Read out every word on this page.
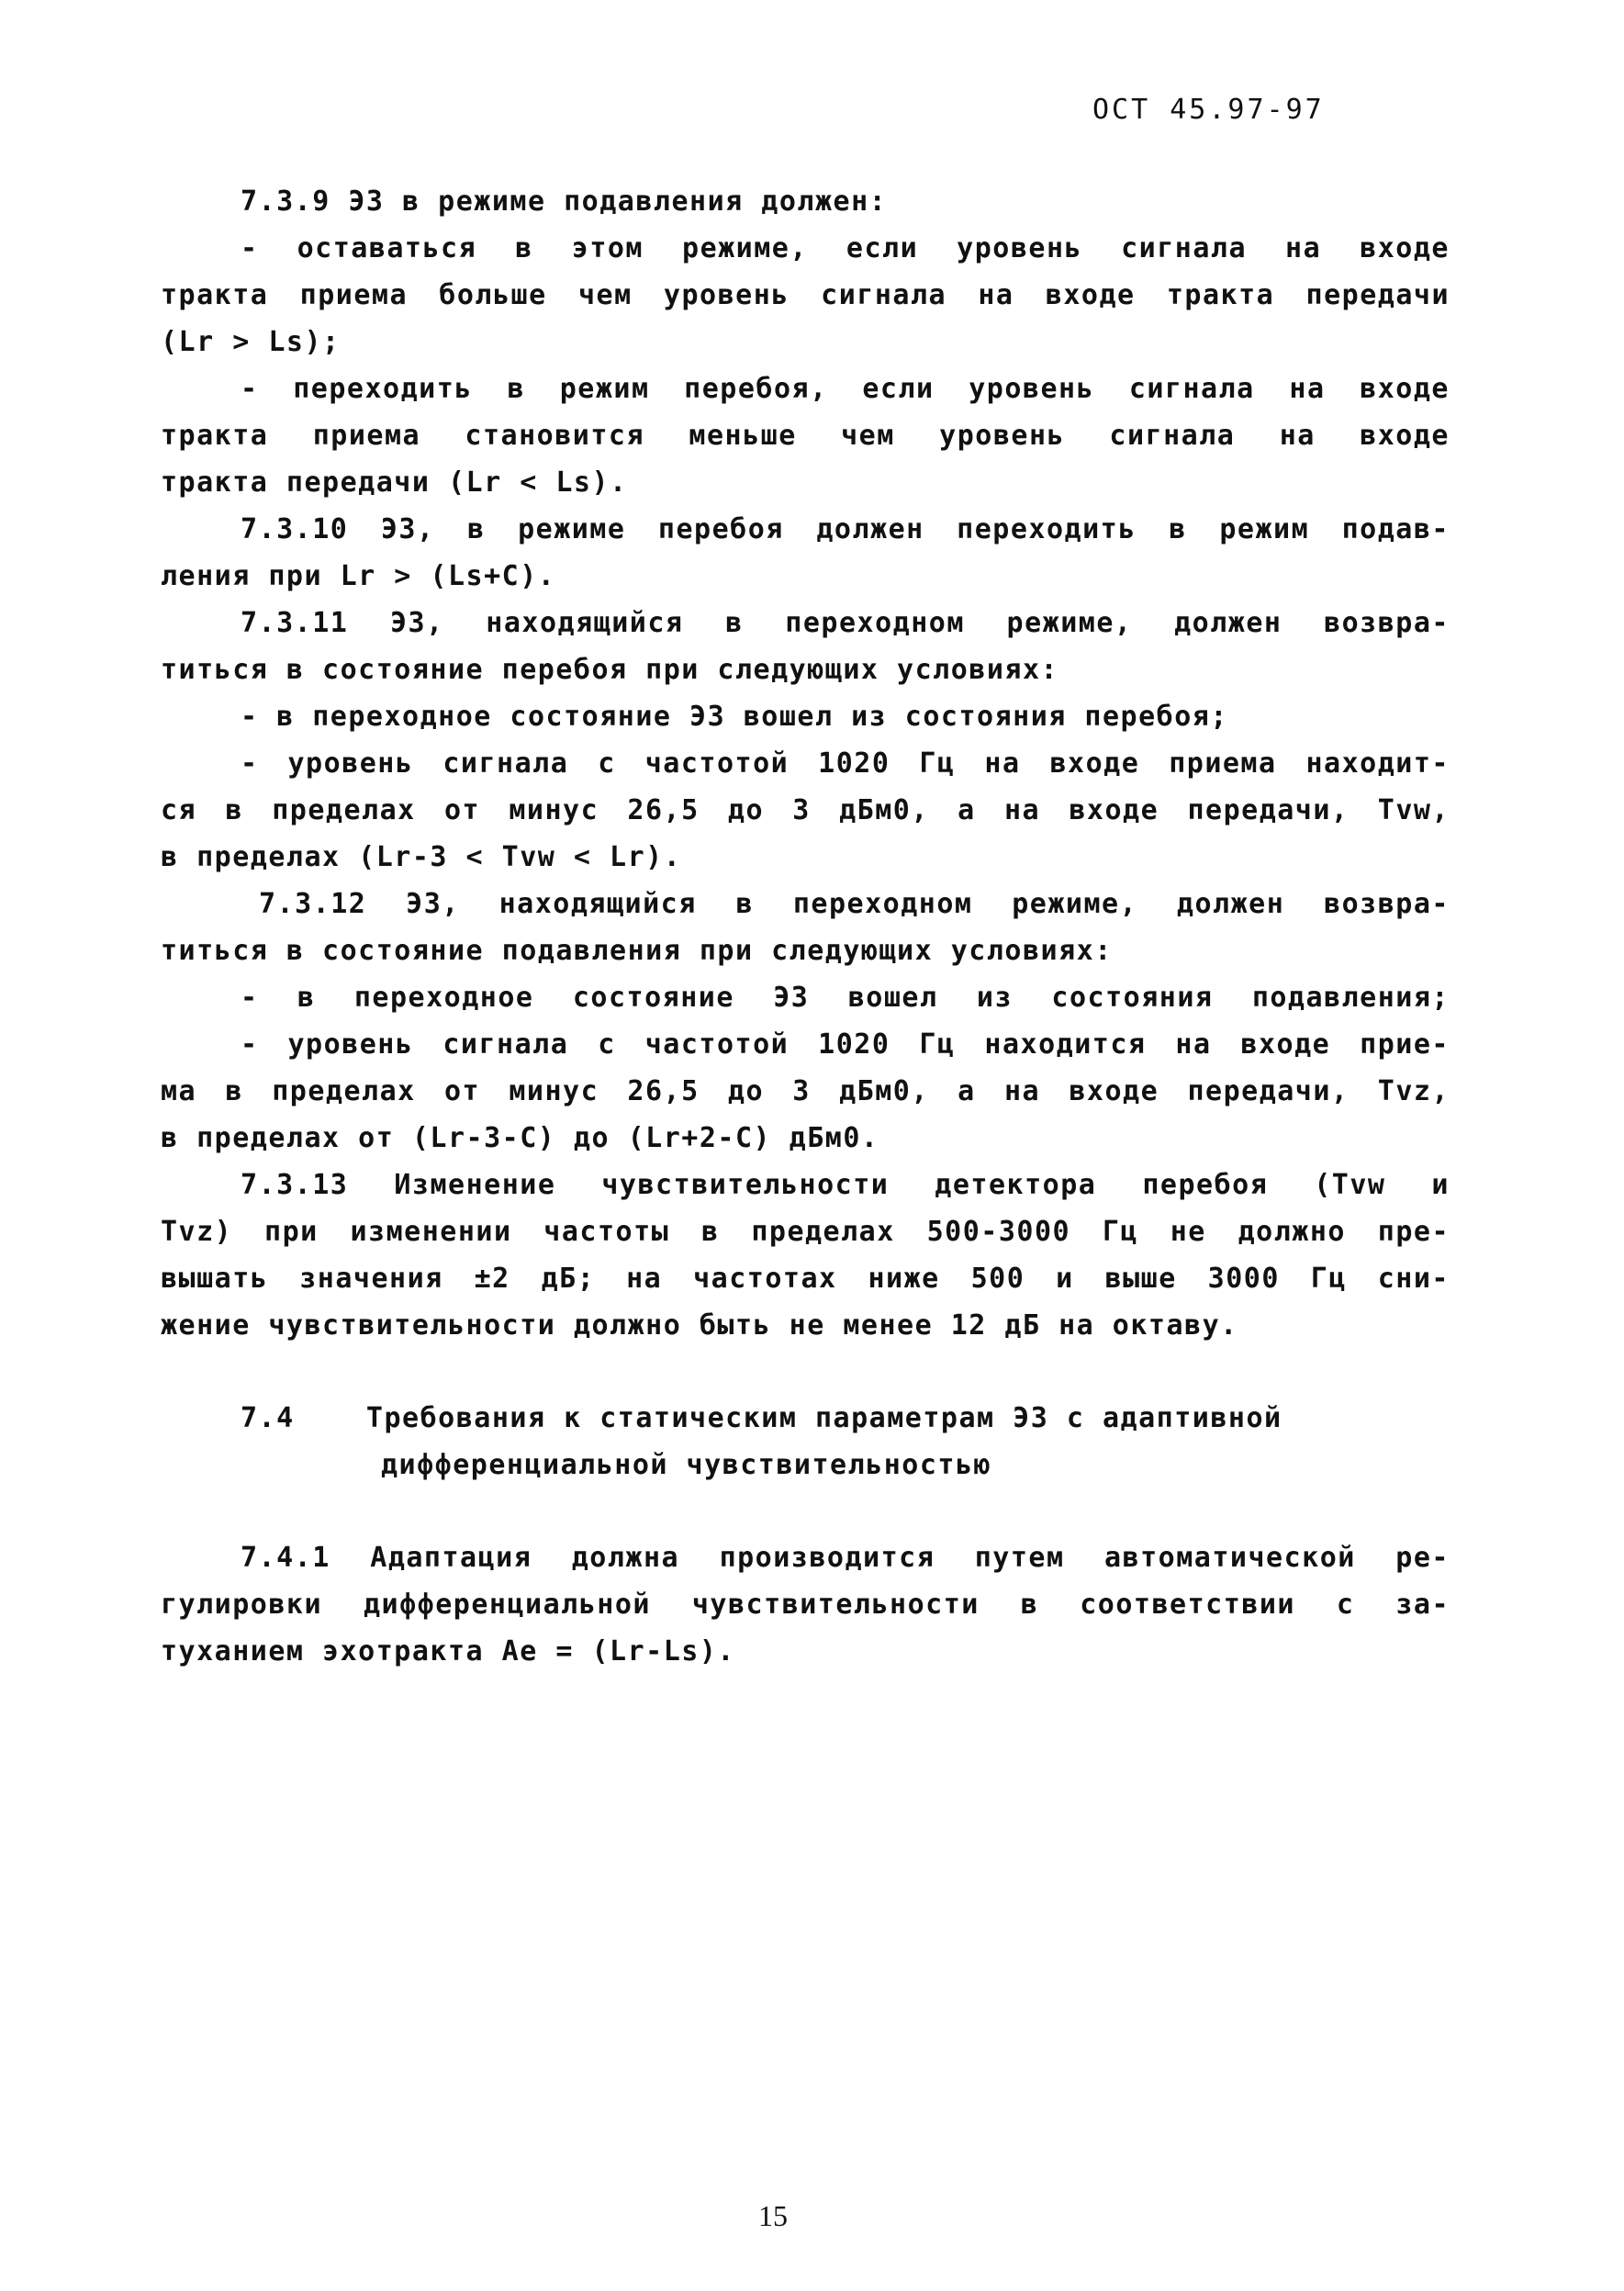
ОСТ 45.97-97
7.3.9 ЭЗ в режиме подавления должен:
- оставаться в этом режиме, если уровень сигнала на входе
тракта приема больше чем уровень сигнала на входе тракта передачи
(Lr > Ls);
- переходить в режим перебоя, если уровень сигнала на входе
тракта приема становится меньше чем уровень сигнала на входе
тракта передачи (Lr < Ls).
7.3.10 ЭЗ, в режиме перебоя должен переходить в режим подав-
ления при Lr > (Ls+C).
7.3.11 ЭЗ, находящийся в переходном режиме, должен возвра-
титься в состояние перебоя при следующих условиях:
- в переходное состояние ЭЗ вошел из состояния перебоя;
- уровень сигнала с частотой 1020 Гц на входе приема находит-
ся в пределах от минус 26,5 до 3 дБм0, а на входе передачи, Tvw,
в пределах (Lr-3 < Tvw < Lr).
7.3.12 ЭЗ, находящийся в переходном режиме, должен возвра-
титься в состояние подавления при следующих условиях:
- в переходное состояние ЭЗ вошел из состояния подавления;
- уровень сигнала с частотой 1020 Гц находится на входе прие-
ма в пределах от минус 26,5 до 3 дБм0, а на входе передачи, Tvz,
в пределах от (Lr-3-C) до (Lr+2-C) дБм0.
7.3.13 Изменение чувствительности детектора перебоя (Tvw и
Tvz) при изменении частоты в пределах 500-3000 Гц не должно пре-
вышать значения ±2 дБ; на частотах ниже 500 и выше 3000 Гц сни-
жение чувствительности должно быть не менее 12 дБ на октаву.
7.4    Требования к статическим параметрам ЭЗ с адаптивной
дифференциальной чувствительностью
7.4.1 Адаптация должна производится путем автоматической ре-
гулировки дифференциальной чувствительности в соответствии с за-
туханием эхотракта Ae = (Lr-Ls).
15
